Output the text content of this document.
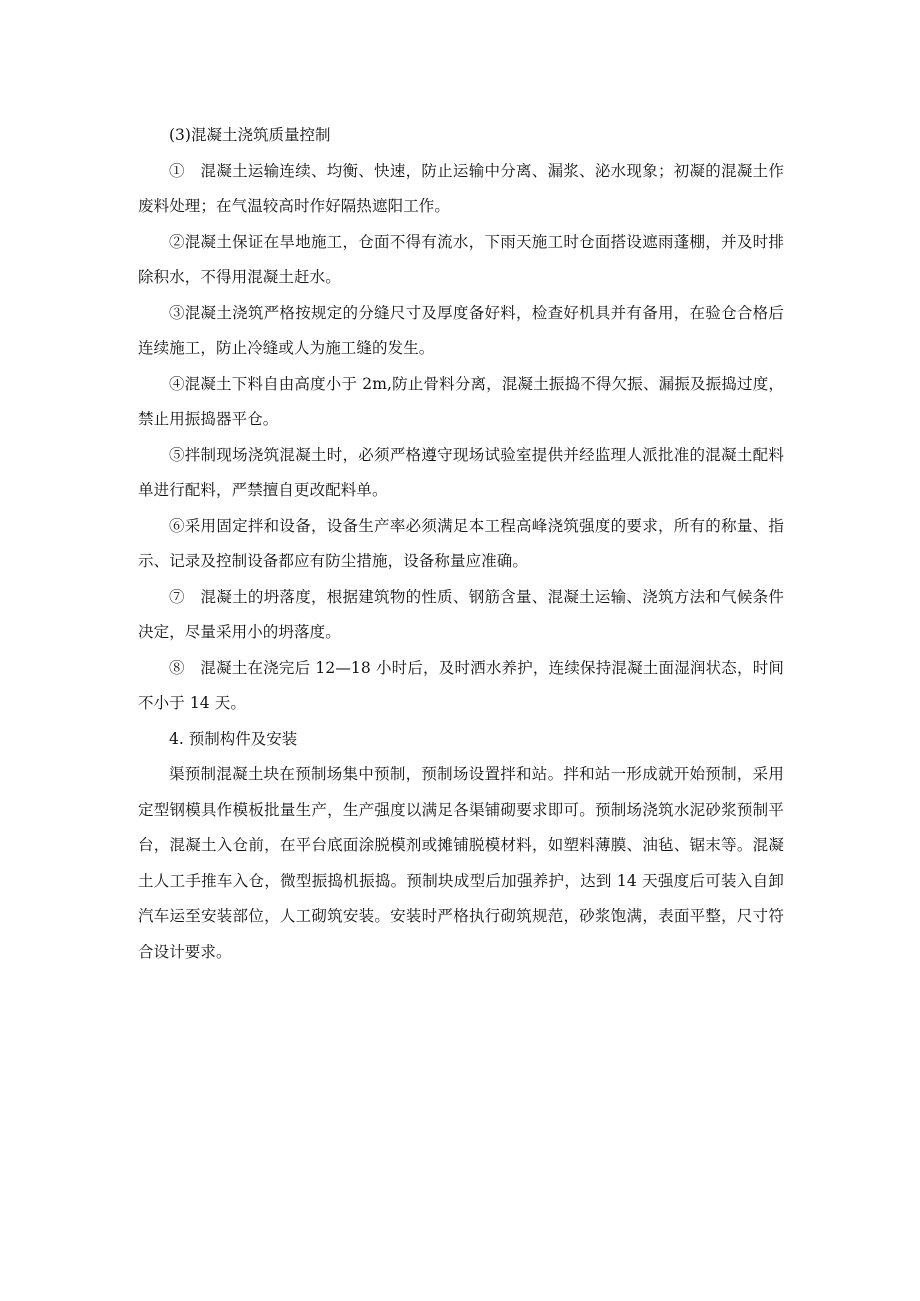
(3)混凝土浇筑质量控制

①　混凝土运输连续、均衡、快速，防止运输中分离、漏浆、泌水现象；初凝的混凝土作废料处理；在气温较高时作好隔热遮阳工作。

②混凝土保证在旱地施工，仓面不得有流水，下雨天施工时仓面搭设遮雨蓬棚，并及时排除积水，不得用混凝土赶水。

③混凝土浇筑严格按规定的分缝尺寸及厚度备好料，检查好机具并有备用，在验仓合格后连续施工，防止冷缝或人为施工缝的发生。

④混凝土下料自由高度小于 2m,防止骨料分离，混凝土振捣不得欠振、漏振及振捣过度，禁止用振捣器平仓。

⑤拌制现场浇筑混凝土时，必须严格遵守现场试验室提供并经监理人派批准的混凝土配料单进行配料，严禁擅自更改配料单。

⑥采用固定拌和设备，设备生产率必须满足本工程高峰浇筑强度的要求，所有的称量、指示、记录及控制设备都应有防尘措施，设备称量应准确。

⑦　混凝土的坍落度，根据建筑物的性质、钢筋含量、混凝土运输、浇筑方法和气候条件决定，尽量采用小的坍落度。

⑧　混凝土在浇完后 12—18 小时后，及时洒水养护，连续保持混凝土面湿润状态，时间不小于 14 天。

4. 预制构件及安装

渠预制混凝土块在预制场集中预制，预制场设置拌和站。拌和站一形成就开始预制，采用定型钢模具作模板批量生产，生产强度以满足各渠铺砌要求即可。预制场浇筑水泥砂浆预制平台，混凝土入仓前，在平台底面涂脱模剂或摊铺脱模材料，如塑料薄膜、油毡、锯末等。混凝土人工手推车入仓，微型振捣机振捣。预制块成型后加强养护，达到 14 天强度后可装入自卸汽车运至安装部位，人工砌筑安装。安装时严格执行砌筑规范，砂浆饱满，表面平整，尺寸符合设计要求。
